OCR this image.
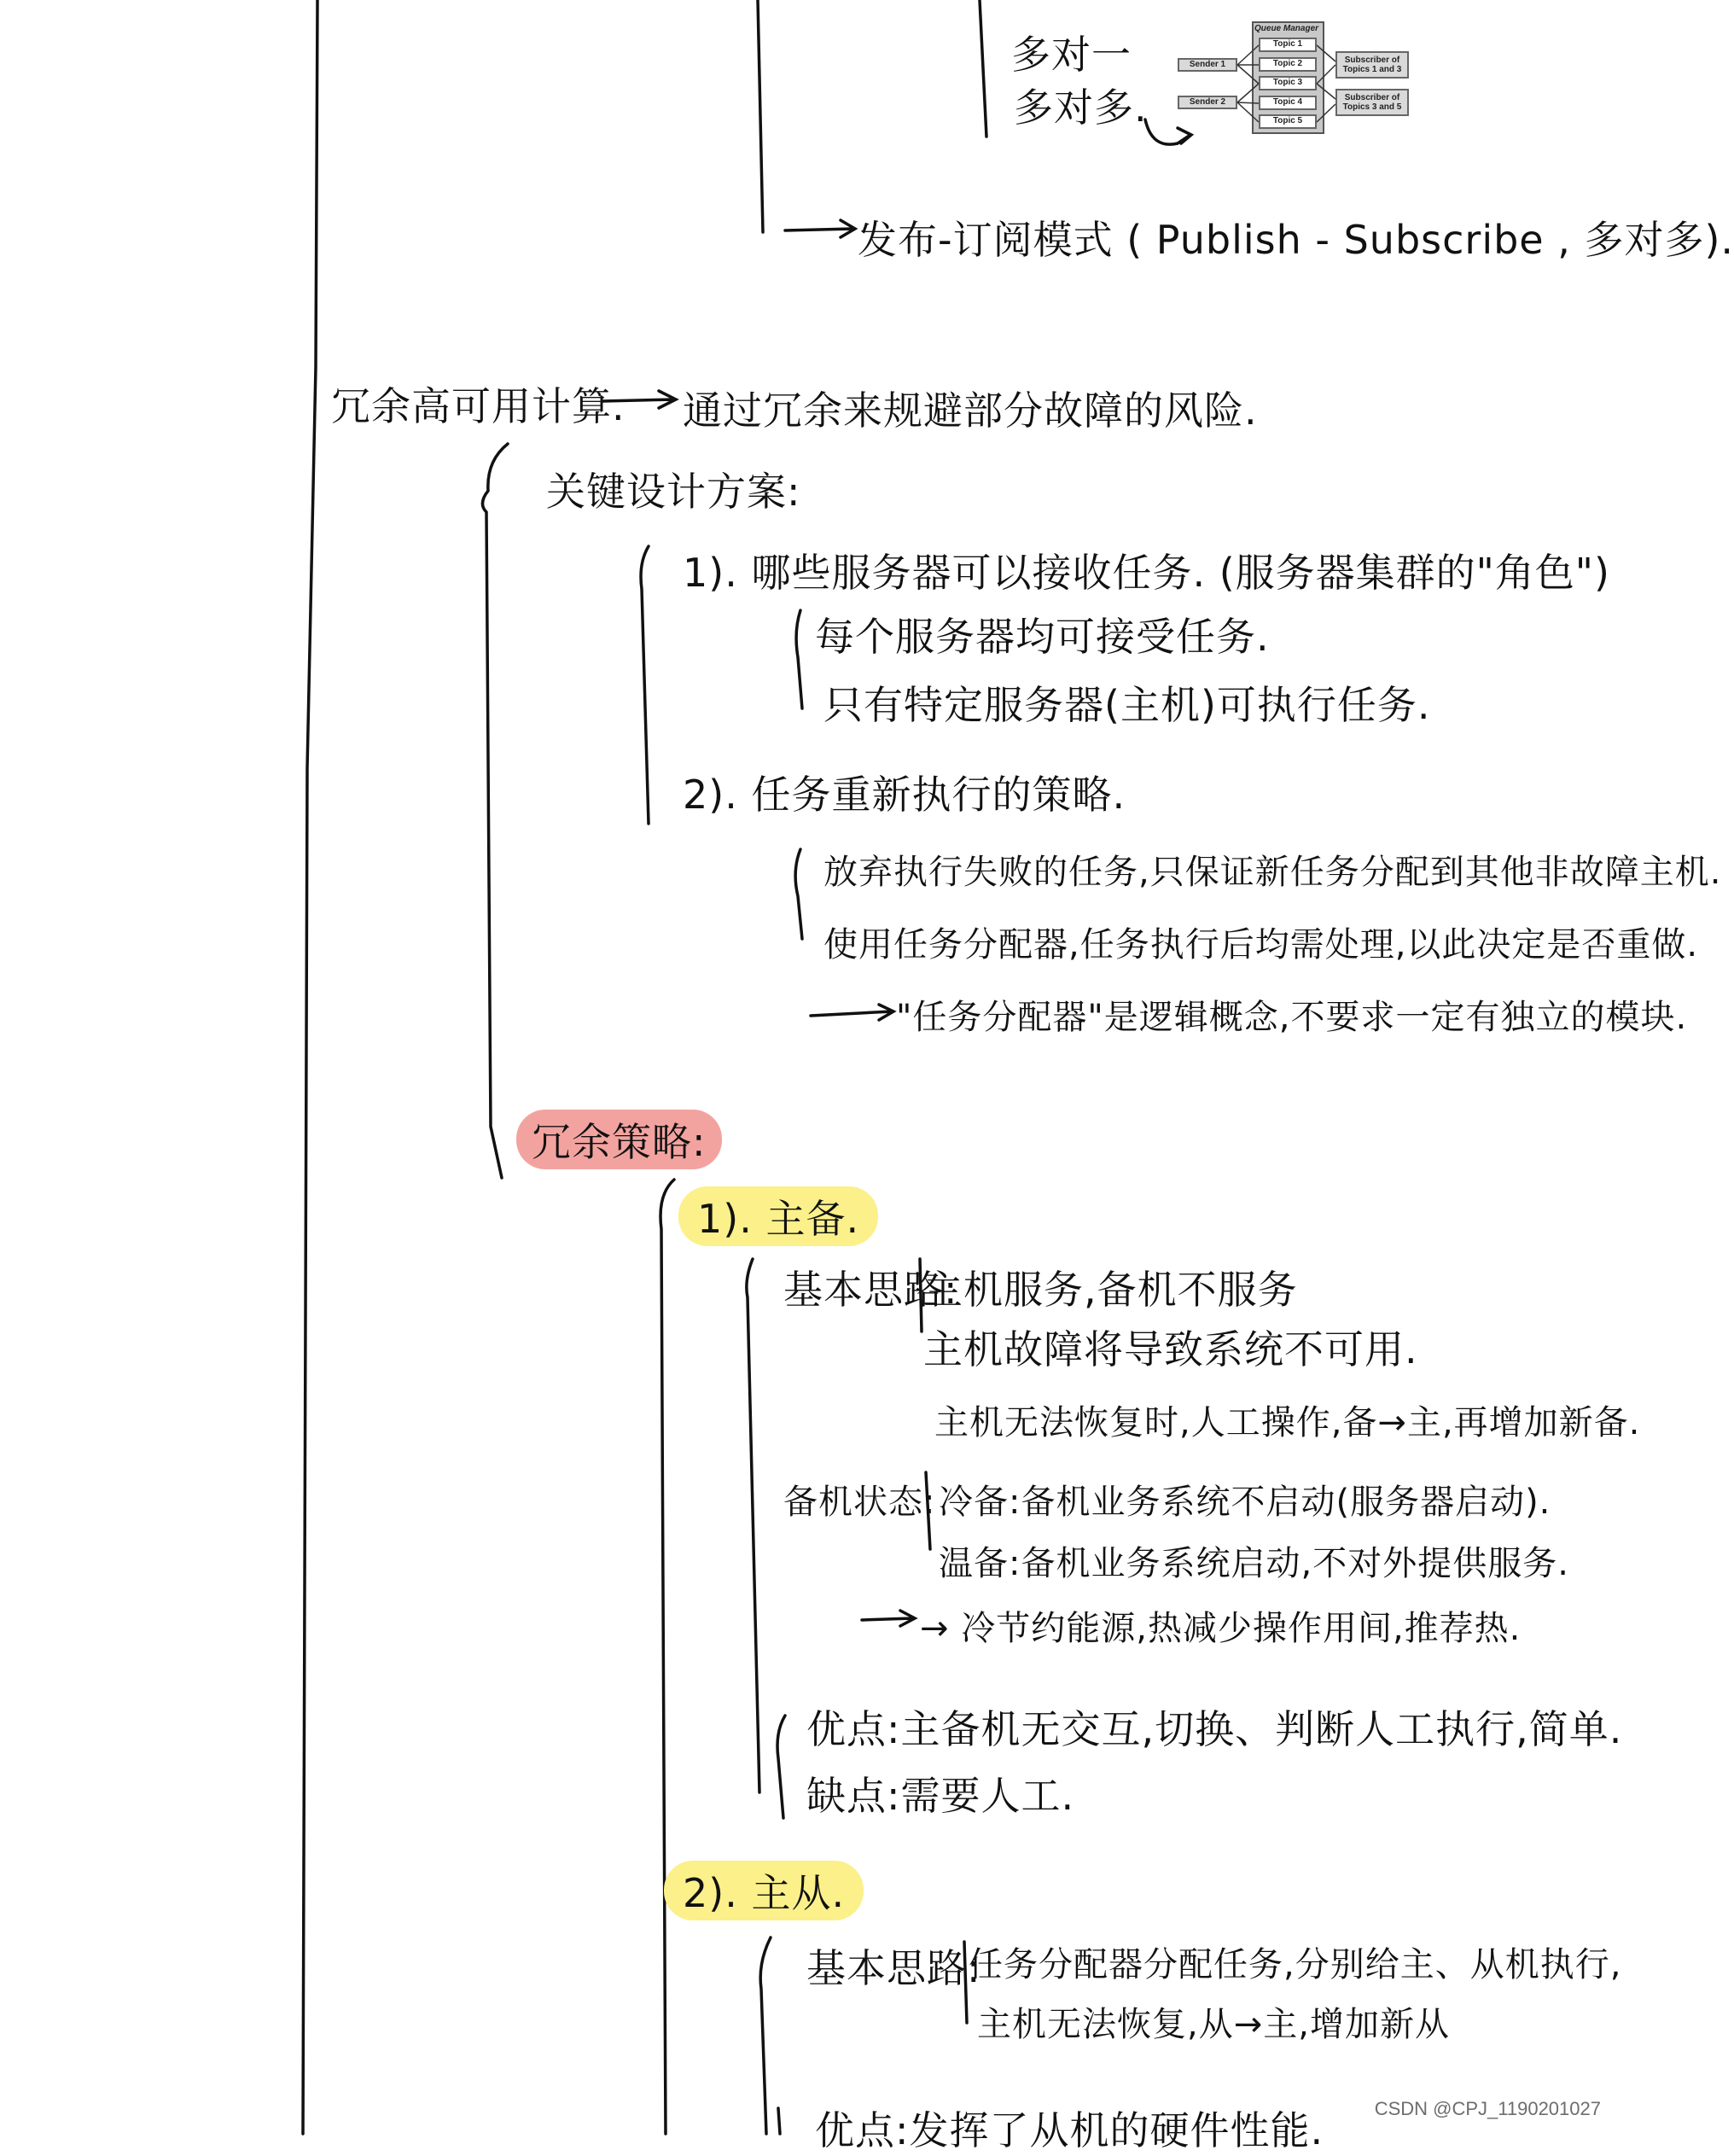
多对一
多对多.
发布-订阅模式 ( Publish - Subscribe , 多对多).
Queue Manager
Topic 1
Topic 2
Topic 3
Topic 4
Topic 5
Sender 1
Sender 2
Subscriber of Topics 1 and 3
Subscriber of Topics 3 and 5
冗余高可用计算. 通过冗余来规避部分故障的风险.
关键设计方案:
1). 哪些服务器可以接收任务. (服务器集群的"角色")
每个服务器均可接受任务.
只有特定服务器(主机)可执行任务.
2). 任务重新执行的策略.
放弃执行失败的任务,只保证新任务分配到其他非故障主机.
使用任务分配器,任务执行后均需处理,以此决定是否重做.
"任务分配器"是逻辑概念,不要求一定有独立的模块.
冗余策略:
1). 主备.
基本思路:
主机服务,备机不服务
主机故障将导致系统不可用.
主机无法恢复时,人工操作,备→主,再增加新备.
备机状态: 冷备:备机业务系统不启动(服务器启动).
温备:备机业务系统启动,不对外提供服务.
→ 冷节约能源,热减少操作用间,推荐热.
优点:主备机无交互,切换、判断人工执行,简单.
缺点:需要人工.
2). 主从.
基本思路:
任务分配器分配任务,分别给主、从机执行,
主机无法恢复,从→主,增加新从
优点:发挥了从机的硬件性能.	CSDN @CPJ_1190201027
